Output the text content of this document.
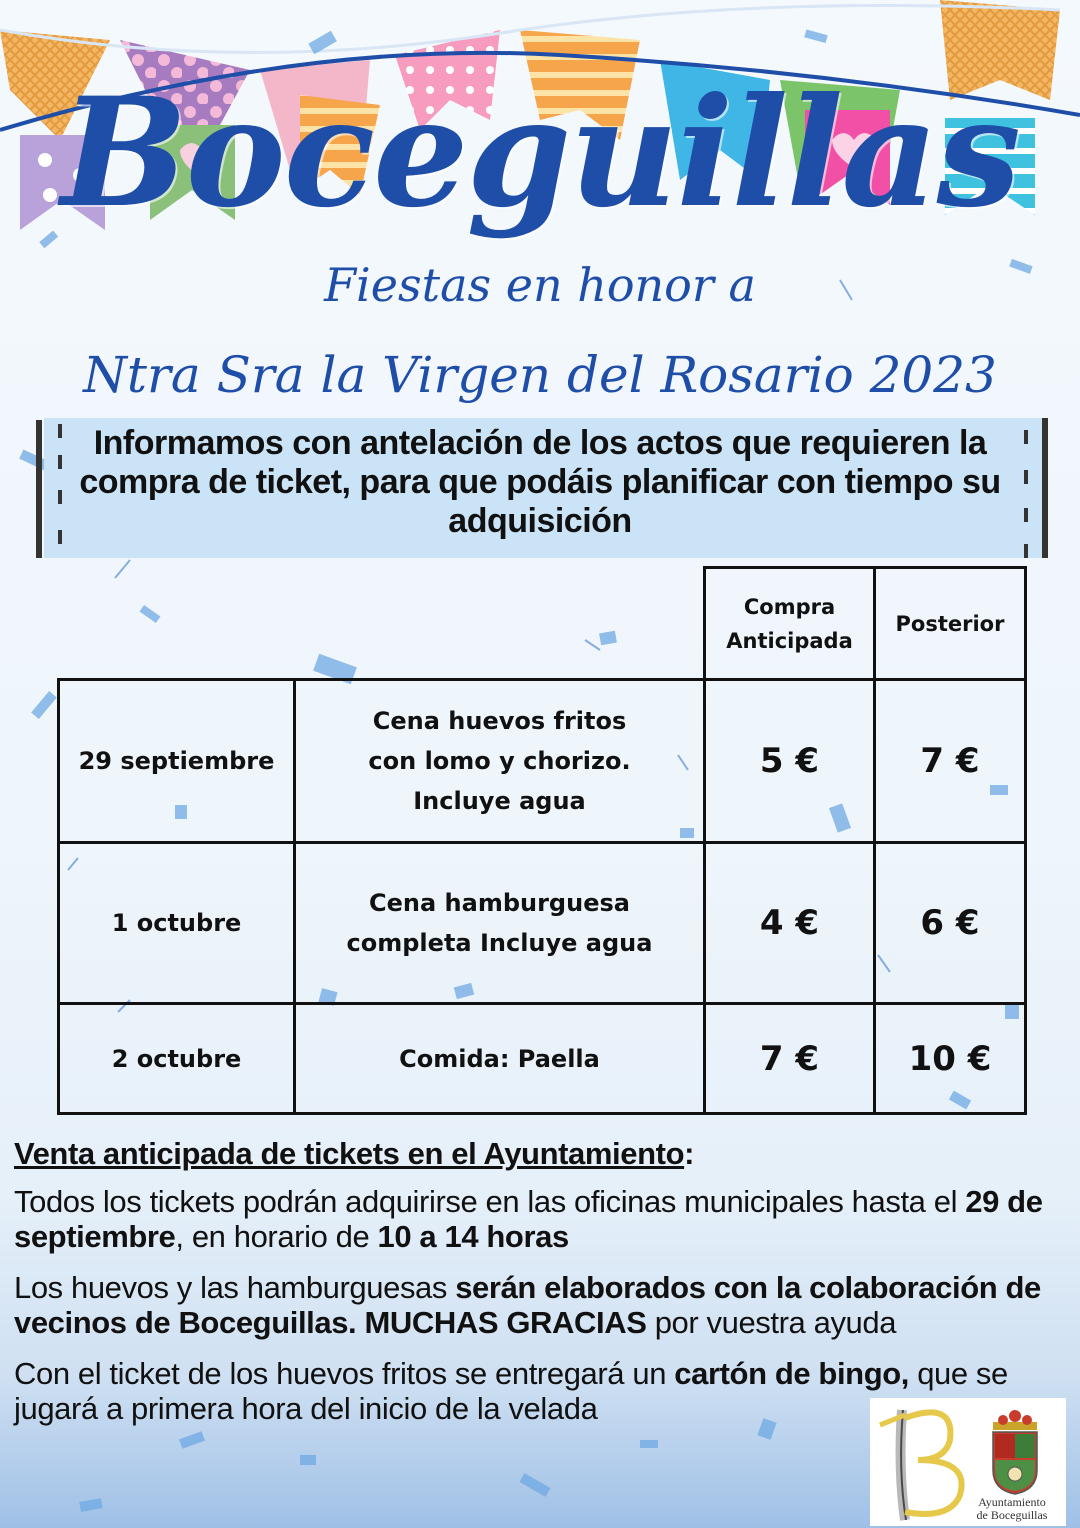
Boceguillas
Fiestas en honor a
Ntra Sra la Virgen del Rosario 2023
Informamos con antelación de los actos que requieren la compra de ticket, para que podáis planificar con tiempo su adquisición
		Compra Anticipada	Posterior
29 septiembre	Cena huevos fritos con lomo y chorizo. Incluye agua	5 €	7 €
1 octubre	Cena hamburguesa completa Incluye agua	4 €	6 €
2 octubre	Comida: Paella	7 €	10 €
Venta anticipada de tickets en el Ayuntamiento:
Todos los tickets podrán adquirirse en las oficinas municipales hasta el 29 de septiembre, en horario de 10 a 14 horas
Los huevos y las hamburguesas serán elaborados con la colaboración de vecinos de Boceguillas. MUCHAS GRACIAS por vuestra ayuda
Con el ticket de los huevos fritos se entregará un cartón de bingo, que se jugará a primera hora del inicio de la velada
Ayuntamiento
de Boceguillas
